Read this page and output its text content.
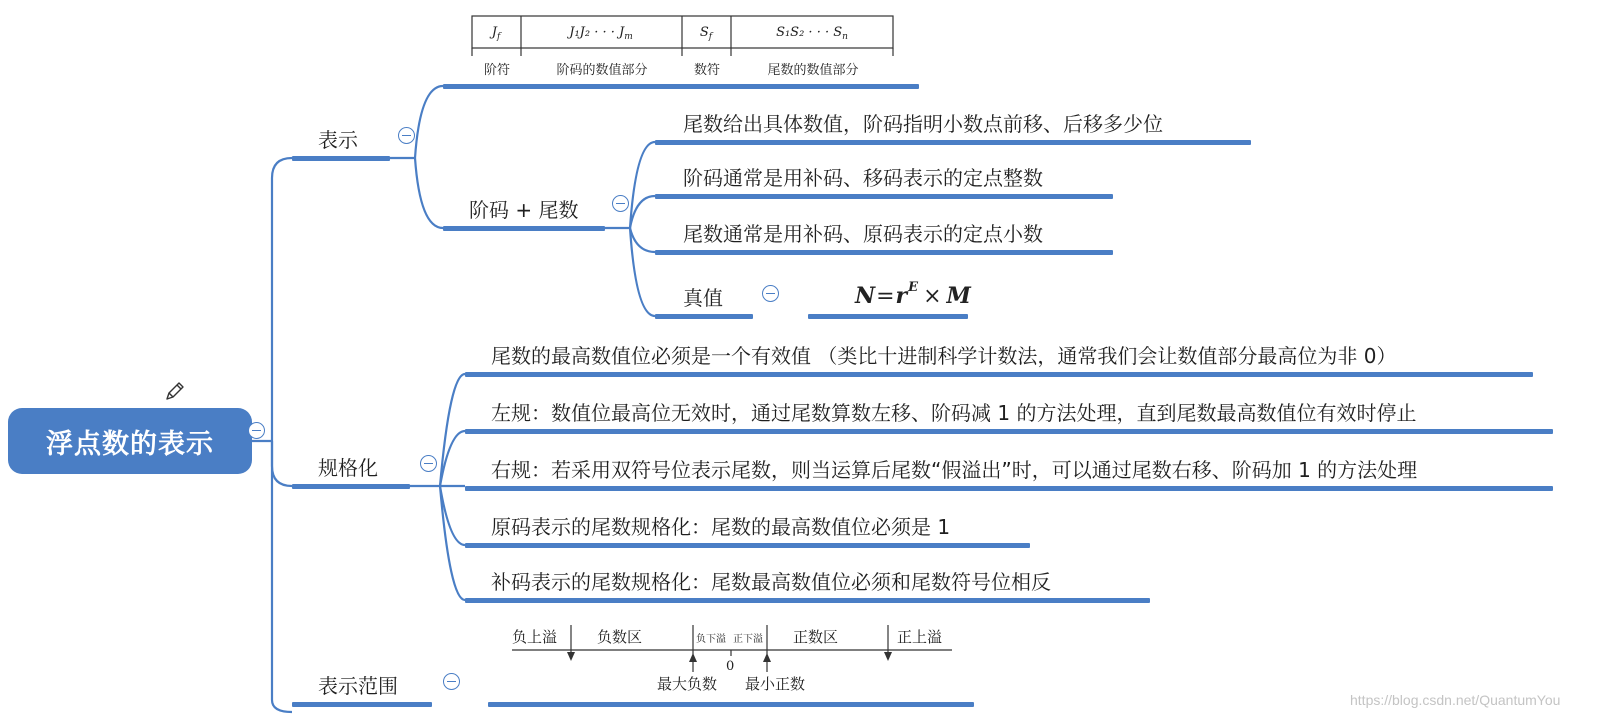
$J_f$	J₁J₂ · · · $J_m$	$S_f$	S₁S₂ · · · $S_n$
阶符	阶码的数值部分	数符	尾数的数值部分
负上溢	负数区	负下溢 正下溢 正数区	正上溢
0
最大负数 最小正数
浮点数的表示
表示
阶码 + 尾数
尾数给出具体数值，阶码指明小数点前移、后移多少位
阶码通常是用补码、移码表示的定点整数
尾数通常是用补码、原码表示的定点小数
真值	$N=r^E \times M$
规格化
尾数的最高数值位必须是一个有效值 （类比十进制科学计数法，通常我们会让数值部分最高位为非 0）
左规：数值位最高位无效时，通过尾数算数左移、阶码减 1 的方法处理，直到尾数最高数值位有效时停止
右规：若采用双符号位表示尾数，则当运算后尾数“假溢出”时，可以通过尾数右移、阶码加 1 的方法处理
原码表示的尾数规格化：尾数的最高数值位必须是 1
补码表示的尾数规格化：尾数最高数值位必须和尾数符号位相反
表示范围
https://blog.csdn.net/QuantumYou
